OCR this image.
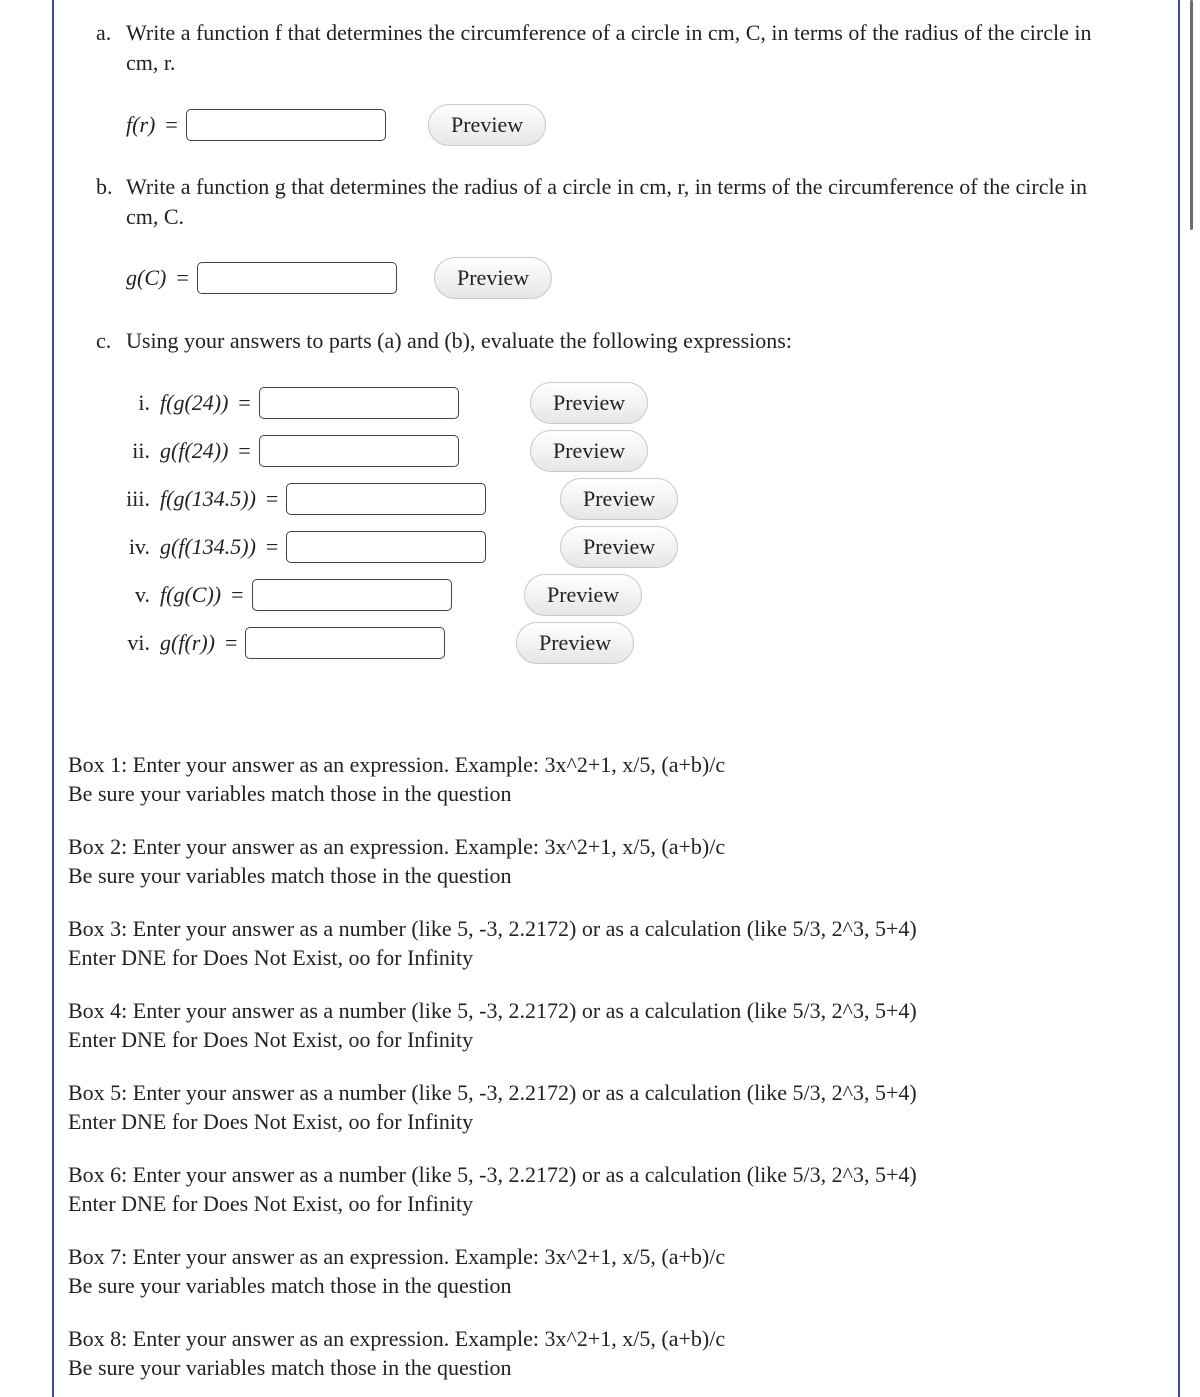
a. Write a function f that determines the circumference of a circle in cm, C, in terms of the radius of the circle in
cm, r.
f(r) =	Preview
b. Write a function g that determines the radius of a circle in cm, r, in terms of the circumference of the circle in
cm, C.
g(C) =	Preview
c. Using your answers to parts (a) and (b), evaluate the following expressions:
i. f(g(24)) =	Preview
ii. g(f(24)) =	Preview
iii. f(g(134.5)) =	Preview
iv. g(f(134.5)) =	Preview
v. f(g(C)) =	Preview
vi. g(f(r)) =	Preview
Box 1: Enter your answer as an expression. Example: 3x^2+1, x/5, (a+b)/c
Be sure your variables match those in the question
Box 2: Enter your answer as an expression. Example: 3x^2+1, x/5, (a+b)/c
Be sure your variables match those in the question
Box 3: Enter your answer as a number (like 5, -3, 2.2172) or as a calculation (like 5/3, 2^3, 5+4)
Enter DNE for Does Not Exist, oo for Infinity
Box 4: Enter your answer as a number (like 5, -3, 2.2172) or as a calculation (like 5/3, 2^3, 5+4)
Enter DNE for Does Not Exist, oo for Infinity
Box 5: Enter your answer as a number (like 5, -3, 2.2172) or as a calculation (like 5/3, 2^3, 5+4)
Enter DNE for Does Not Exist, oo for Infinity
Box 6: Enter your answer as a number (like 5, -3, 2.2172) or as a calculation (like 5/3, 2^3, 5+4)
Enter DNE for Does Not Exist, oo for Infinity
Box 7: Enter your answer as an expression. Example: 3x^2+1, x/5, (a+b)/c
Be sure your variables match those in the question
Box 8: Enter your answer as an expression. Example: 3x^2+1, x/5, (a+b)/c
Be sure your variables match those in the question
